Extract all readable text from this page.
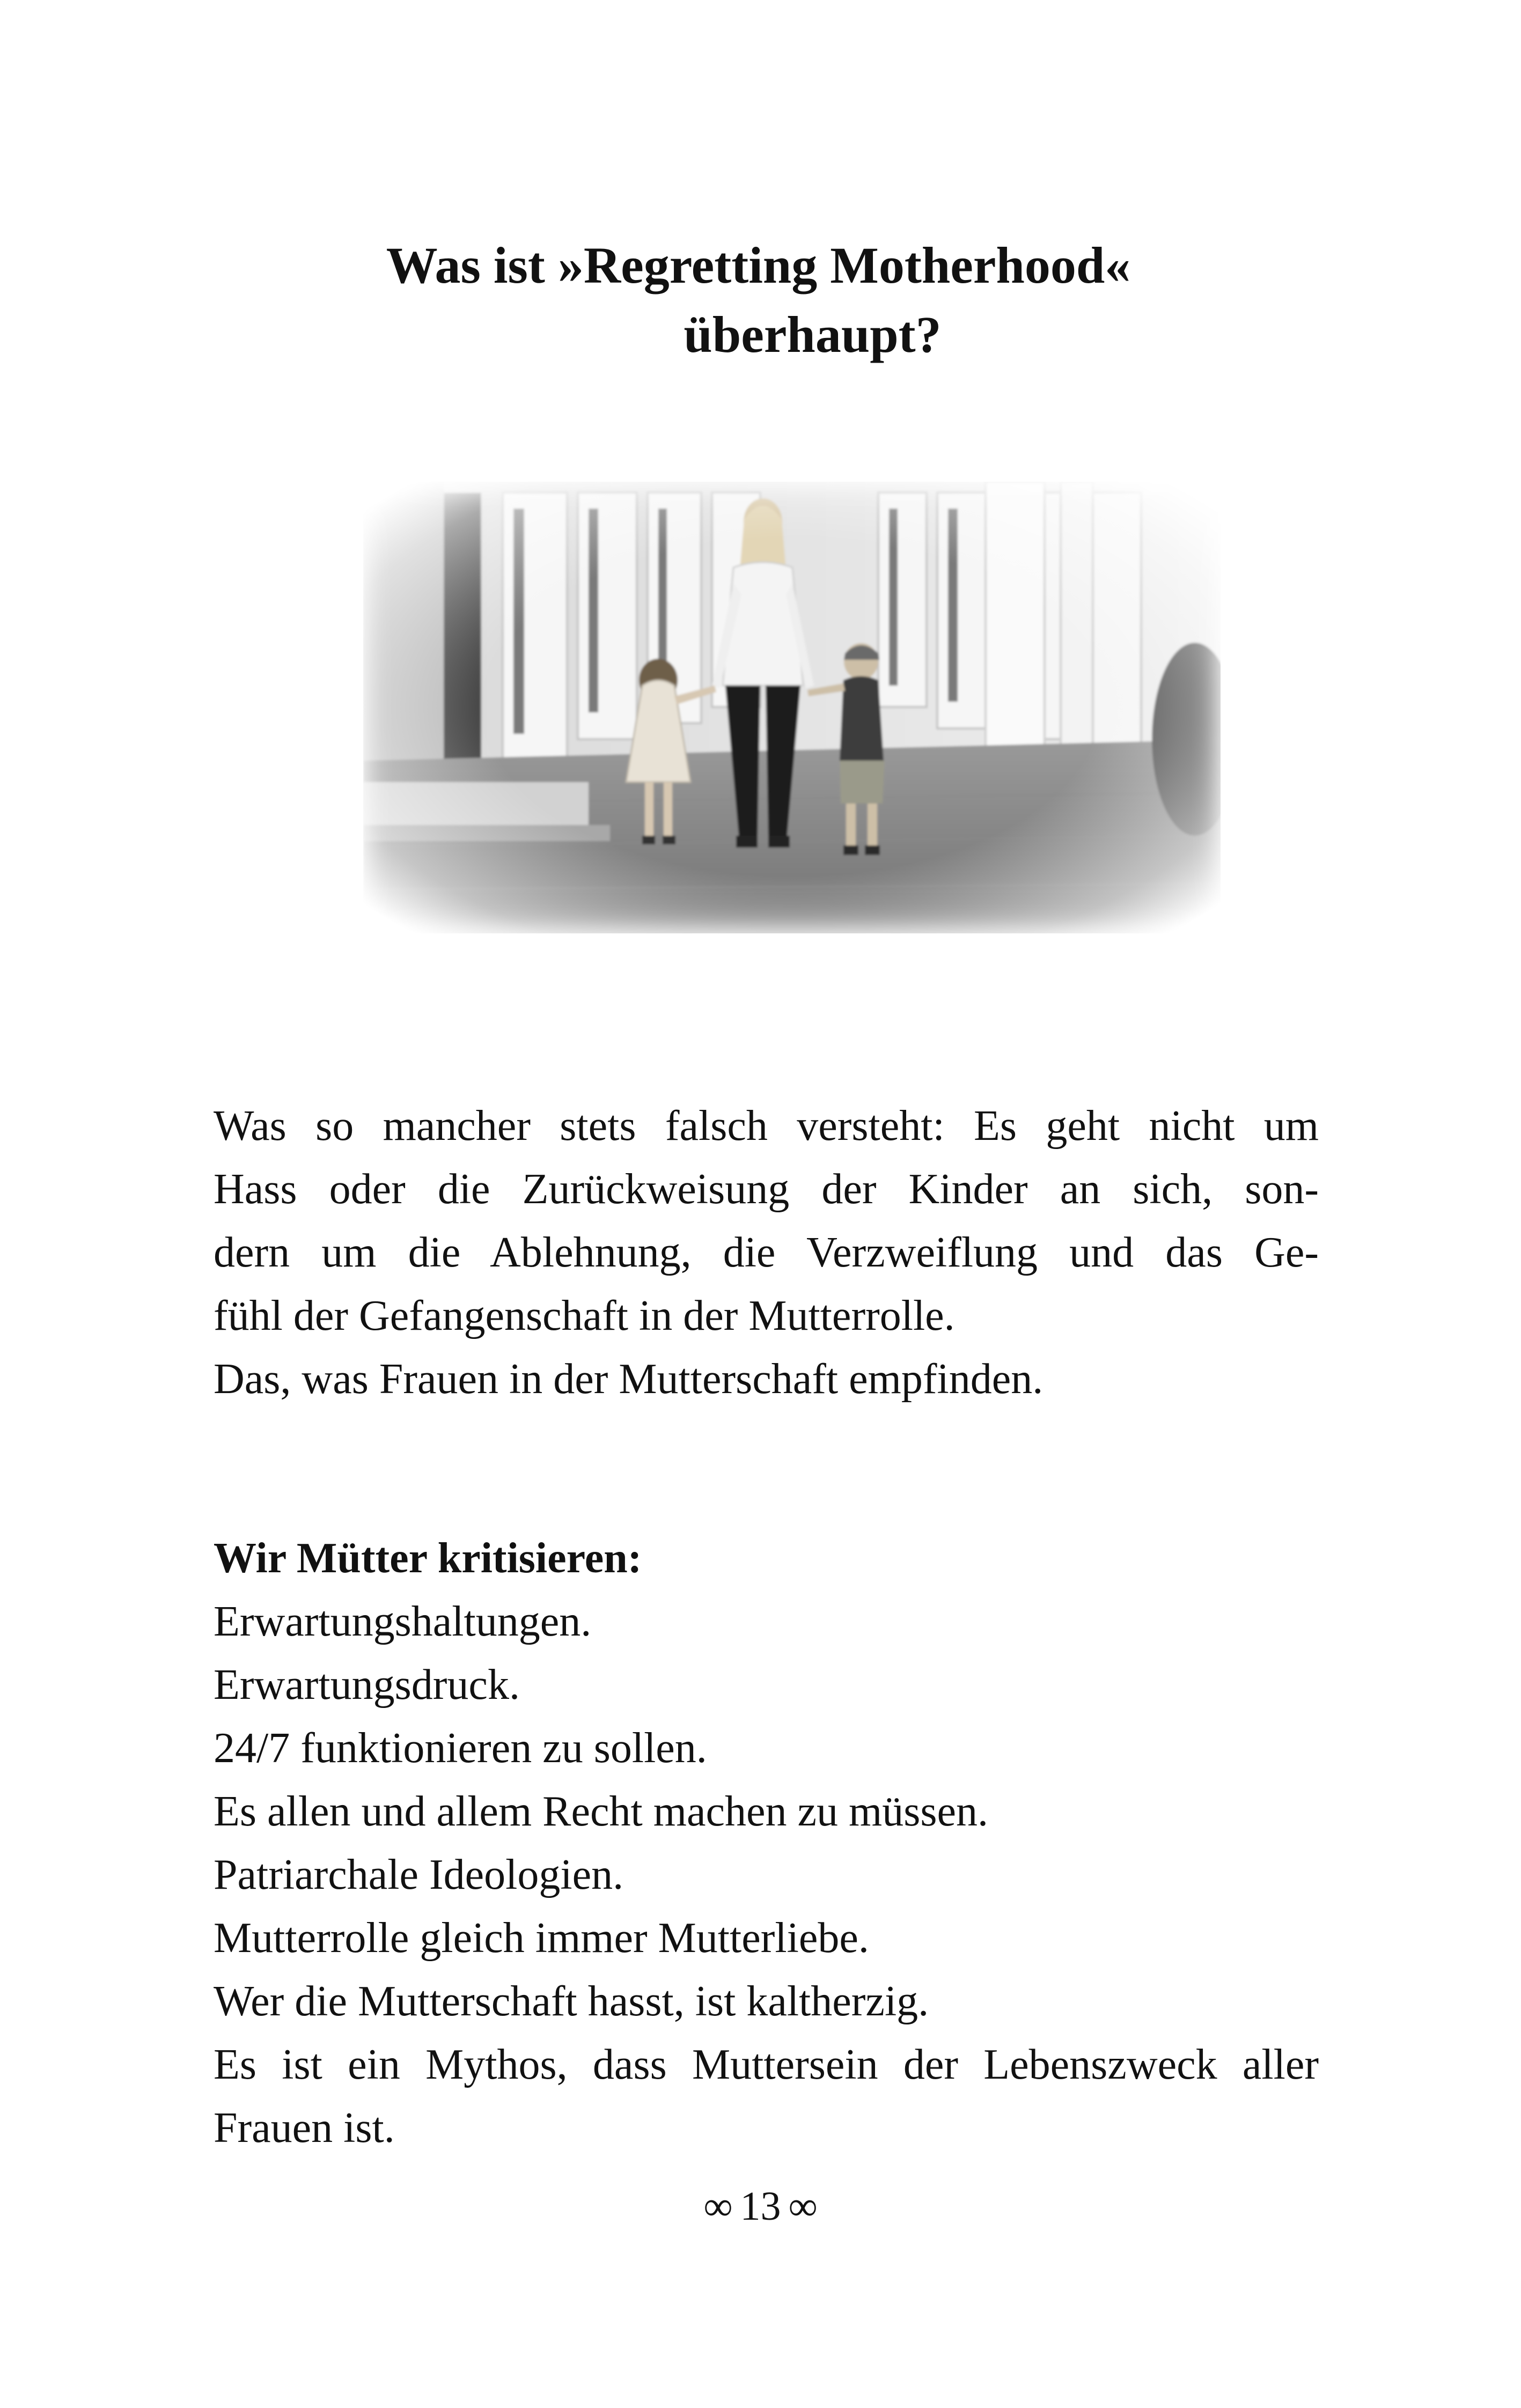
Was ist »Regretting Motherhood«
überhaupt?
Was so mancher stets falsch versteht: Es geht nicht um
Hass oder die Zurückweisung der Kinder an sich, son-
dern um die Ablehnung, die Verzweiflung und das Ge-
fühl der Gefangenschaft in der Mutterrolle.
Das, was Frauen in der Mutterschaft empfinden.
Wir Mütter kritisieren:
Erwartungshaltungen.
Erwartungsdruck.
24/7 funktionieren zu sollen.
Es allen und allem Recht machen zu müssen.
Patriarchale Ideologien.
Mutterrolle gleich immer Mutterliebe.
Wer die Mutterschaft hasst, ist kaltherzig.
Es ist ein Mythos, dass Muttersein der Lebenszweck aller
Frauen ist.
∞ 13 ∞
